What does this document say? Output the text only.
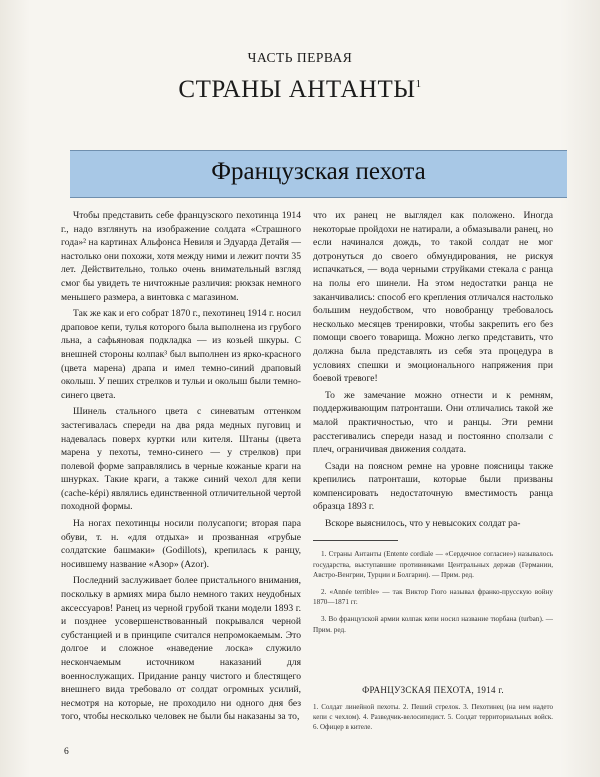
ЧАСТЬ ПЕРВАЯ
СТРАНЫ АНТАНТЫ$^1$
Французская пехота

Чтобы представить себе французского пехотинца 1914 г., надо взглянуть на изображение солдата «Страшного года»² на картинах Альфонса Невиля и Эдуарда Детайя — настолько они похожи, хотя между ними и лежит почти 35 лет. Действительно, только очень внимательный взгляд смог бы увидеть те ничтожные различия: рюкзак немного меньшего размера, а винтовка с магазином.

Так же как и его собрат 1870 г., пехотинец 1914 г. носил драповое кепи, тулья которого была выполнена из грубого льна, а сафьяновая подкладка — из козьей шкуры. С внешней стороны колпак³ был выполнен из ярко-красного (цвета марена) драпа и имел темно-синий драповый околыш. У пеших стрелков и тульи и околыш были темно-синего цвета.

Шинель стального цвета с синеватым оттенком застегивалась спереди на два ряда медных пуговиц и надевалась поверх куртки или кителя. Штаны (цвета марена у пехоты, темно-синего — у стрелков) при полевой форме заправлялись в черные кожаные краги на шнурках. Такие краги, а также синий чехол для кепи (cache-képi) являлись единственной отличительной чертой походной формы.

На ногах пехотинцы носили полусапоги; вторая пара обуви, т. н. «для отдыха» и прозванная «грубые солдатские башмаки» (Godillots), крепилась к ранцу, носившему название «Азор» (Azor).

Последний заслуживает более пристального внимания, поскольку в армиях мира было немного таких неудобных аксессуаров! Ранец из черной грубой ткани модели 1893 г. и позднее усовершенствованный покрывался черной субстанцией и в принципе считался непромокаемым. Это долгое и сложное «наведение лоска» служило нескончаемым источником наказаний для военнослужащих. Придание ранцу чистого и блестящего внешнего вида требовало от солдат огромных усилий, несмотря на которые, не проходило ни одного дня без того, чтобы несколько человек не были бы наказаны за то,

что их ранец не выглядел как положено. Иногда некоторые пройдохи не натирали, а обмазывали ранец, но если начинался дождь, то такой солдат не мог дотронуться до своего обмундирования, не рискуя испачкаться, — вода черными струйками стекала с ранца на полы его шинели. На этом недостатки ранца не заканчивались: способ его крепления отличался настолько большим неудобством, что новобранцу требовалось несколько месяцев тренировки, чтобы закрепить его без помощи своего товарища. Можно легко представить, что должна была представлять из себя эта процедура в условиях спешки и эмоционального напряжения при боевой тревоге!

То же замечание можно отнести и к ремням, поддерживающим патронташи. Они отличались такой же малой практичностью, что и ранцы. Эти ремни расстегивались спереди назад и постоянно сползали с плеч, ограничивая движения солдата.

Сзади на поясном ремне на уровне поясницы также крепились патронташи, которые были призваны компенсировать недостаточную вместимость ранца образца 1893 г.

Вскоре выяснилось, что у невысоких солдат ра-

1. Страны Антанты (Entente cordiale — «Сердечное согласие») называлось государства, выступавшие противниками Центральных держав (Германии, Австро-Венгрии, Турции и Болгарии). — Прим. ред.

2. «Année terrible» — так Виктор Гюго называл франко-прусскую войну 1870—1871 гг.

3. Во французской армии колпак кепи носил название тюрбана (turban). — Прим. ред.

ФРАНЦУЗСКАЯ ПЕХОТА, 1914 г.
1. Солдат линейной пехоты. 2. Пеший стрелок. 3. Пехотинец (на нем надето кепи с чехлом). 4. Разведчик-велосипедист. 5. Солдат территориальных войск. 6. Офицер в кителе.
6
